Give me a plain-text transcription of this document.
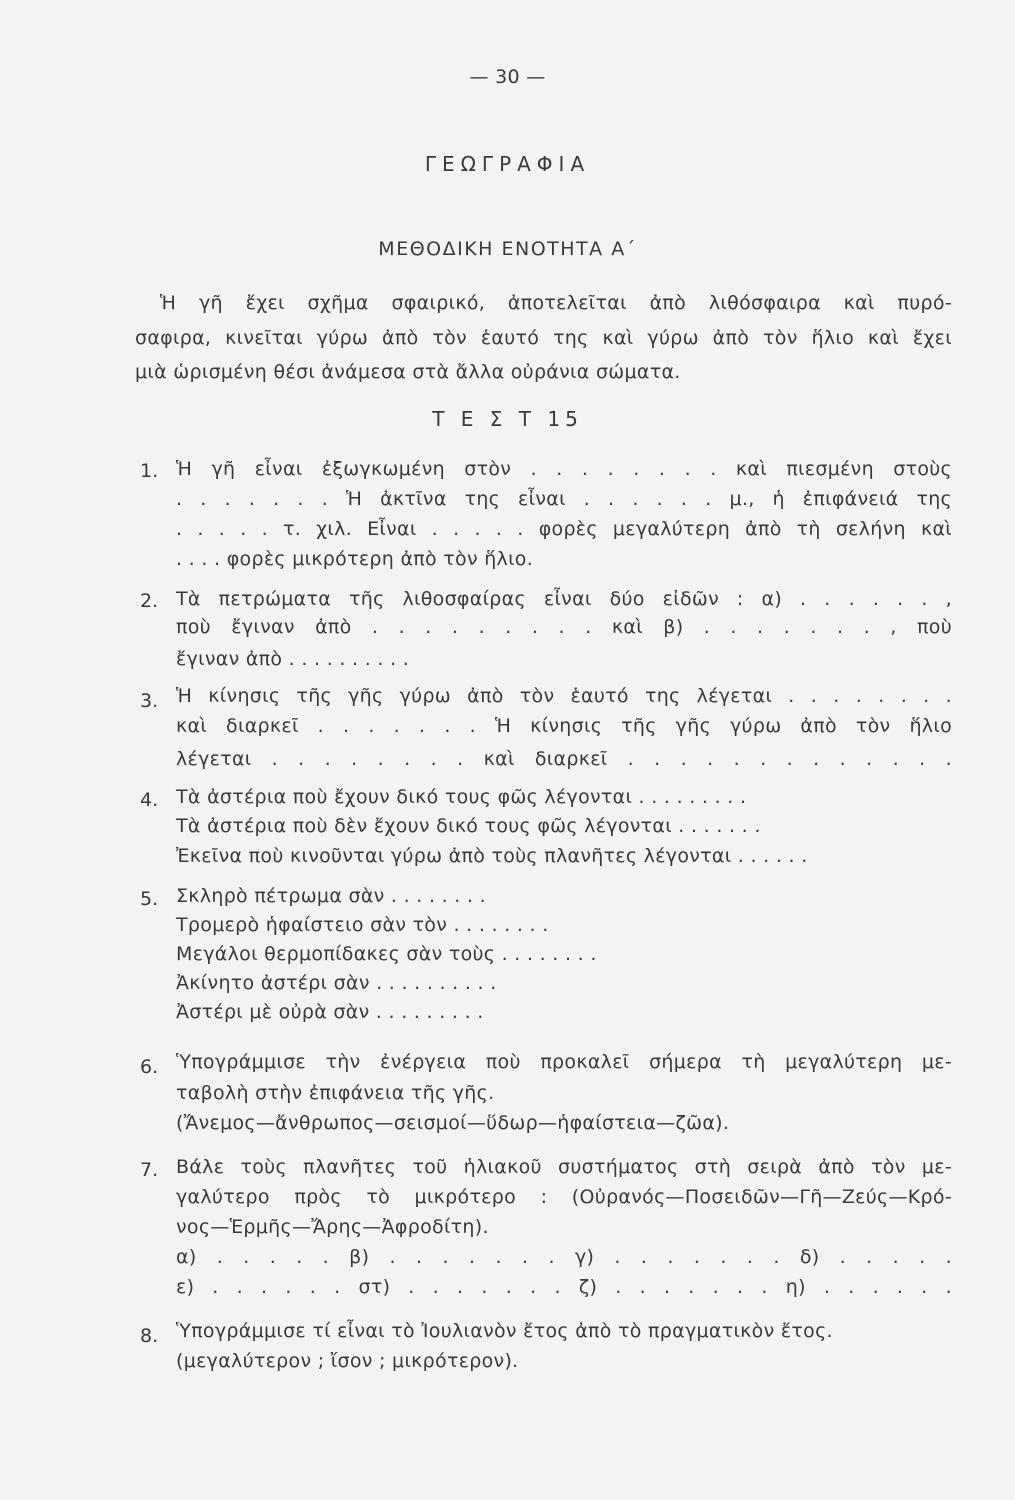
— 30 —
ΓΕΩΓΡΑΦΙΑ
ΜΕΘΟΔΙΚΗ ΕΝΟΤΗΤΑ Α΄
Ἡ γῆ ἔχει σχῆμα σφαιρικό, ἀποτελεῖται ἀπὸ λιθόσφαιρα καὶ πυρό-
σαφιρα, κινεῖται γύρω ἀπὸ τὸν ἑαυτό της καὶ γύρω ἀπὸ τὸν ἥλιο καὶ ἔχει
μιὰ ὡρισμένη θέσι ἀνάμεσα στὰ ἄλλα οὐράνια σώματα.
Τ Ε Σ Τ 15
1. Ἡ γῆ εἶναι ἐξωγκωμένη στὸν . . . . . . . . καὶ πιεσμένη στοὺς
. . . . . . . Ἡ ἀκτῖνα της εἶναι . . . . . . μ., ἡ ἐπιφάνειά της
. . . . . τ. χιλ. Εἶναι . . . . . φορὲς μεγαλύτερη ἀπὸ τὴ σελήνη καὶ
. . . . φορὲς μικρότερη ἀπὸ τὸν ἥλιο.
2. Τὰ πετρώματα τῆς λιθοσφαίρας εἶναι δύο εἰδῶν : α) . . . . . . ,
ποὺ ἔγιναν ἀπὸ . . . . . . . . . καὶ β) . . . . . . . , ποὺ
ἔγιναν ἀπὸ . . . . . . . . . .
3. Ἡ κίνησις τῆς γῆς γύρω ἀπὸ τὸν ἑαυτό της λέγεται . . . . . . . .
καὶ διαρκεῖ . . . . . . . Ἡ κίνησις τῆς γῆς γύρω ἀπὸ τὸν ἥλιο
λέγεται . . . . . . . . καὶ διαρκεῖ . . . . . . . . . . . . .
4. Τὰ ἀστέρια ποὺ ἔχουν δικό τους φῶς λέγονται . . . . . . . . .
Τὰ ἀστέρια ποὺ δὲν ἔχουν δικό τους φῶς λέγονται . . . . . . .
Ἐκεῖνα ποὺ κινοῦνται γύρω ἀπὸ τοὺς πλανῆτες λέγονται . . . . . .
5. Σκληρὸ πέτρωμα σὰν . . . . . . . .
Τρομερὸ ἡφαίστειο σὰν τὸν . . . . . . . .
Μεγάλοι θερμοπίδακες σὰν τοὺς . . . . . . . .
Ἀκίνητο ἀστέρι σὰν . . . . . . . . . .
Ἀστέρι μὲ οὐρὰ σὰν . . . . . . . . .
6. Ὑπογράμμισε τὴν ἐνέργεια ποὺ προκαλεῖ σήμερα τὴ μεγαλύτερη με-
ταβολὴ στὴν ἐπιφάνεια τῆς γῆς.
(Ἄνεμος—ἄνθρωπος—σεισμοί—ὕδωρ—ἡφαίστεια—ζῶα).
7. Βάλε τοὺς πλανῆτες τοῦ ἡλιακοῦ συστήματος στὴ σειρὰ ἀπὸ τὸν με-
γαλύτερο πρὸς τὸ μικρότερο : (Οὐρανός—Ποσειδῶν—Γῆ—Ζεύς—Κρό-
νος—Ἑρμῆς—Ἄρης—Ἀφροδίτη).
α) . . . . . β) . . . . . . . γ) . . . . . . . δ) . . . . .
ε) . . . . . . στ) . . . . . . . ζ) . . . . . . . η) . . . . . .
8. Ὑπογράμμισε τί εἶναι τὸ Ἰουλιανὸν ἔτος ἀπὸ τὸ πραγματικὸν ἔτος.
(μεγαλύτερον ; ἴσον ; μικρότερον).
